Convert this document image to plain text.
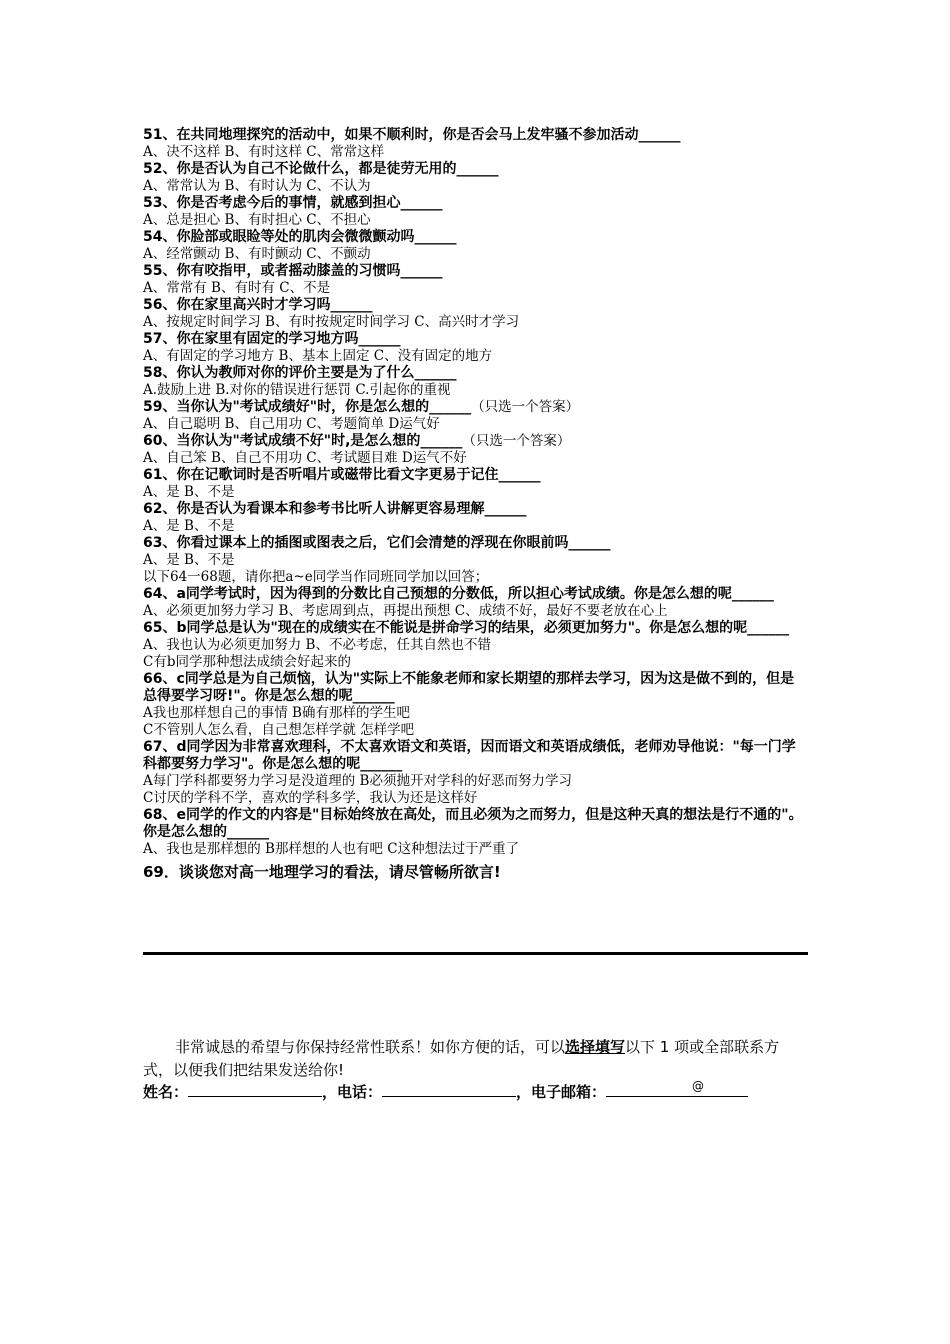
51、在共同地理探究的活动中，如果不顺利时，你是否会马上发牢骚不参加活动______

A、决不这样 B、有时这样 C、常常这样

52、你是否认为自己不论做什么，都是徒劳无用的______

A、常常认为 B、有时认为 C、不认为

53、你是否考虑今后的事情，就感到担心______

A、总是担心 B、有时担心 C、不担心

54、你脸部或眼睑等处的肌肉会微微颤动吗______

A、经常颤动 B、有时颤动 C、不颤动

55、你有咬指甲，或者摇动膝盖的习惯吗______

A、常常有 B、有时有 C、不是

56、你在家里高兴时才学习吗______

A、按规定时间学习 B、有时按规定时间学习 C、高兴时才学习

57、你在家里有固定的学习地方吗______

A、有固定的学习地方 B、基本上固定 C、没有固定的地方

58、你认为教师对你的评价主要是为了什么______

A.鼓励上进 B.对你的错误进行惩罚 C.引起你的重视

59、当你认为"考试成绩好"时，你是怎么想的______（只选一个答案）

A、自己聪明 B、自己用功 C、考题简单 D运气好

60、当你认为"考试成绩不好"时,是怎么想的______（只选一个答案）

A、自己笨 B、自己不用功 C、考试题目难 D运气不好

61、你在记歌词时是否听唱片或磁带比看文字更易于记住______

A、是 B、不是

62、你是否认为看课本和参考书比听人讲解更容易理解______

A、是 B、不是

63、你看过课本上的插图或图表之后，它们会清楚的浮现在你眼前吗______

A、是 B、不是

以下64一68题，请你把a~e同学当作同班同学加以回答；

64、a同学考试时，因为得到的分数比自己预想的分数低，所以担心考试成绩。你是怎么想的呢______

A、必须更加努力学习 B、考虑周到点，再提出预想 C、成绩不好，最好不要老放在心上

65、b同学总是认为"现在的成绩实在不能说是拼命学习的结果，必须更加努力"。你是怎么想的呢______

A、我也认为必须更加努力 B、不必考虑，任其自然也不错

C有b同学那种想法成绩会好起来的

66、c同学总是为自己烦恼，认为"实际上不能象老师和家长期望的那样去学习，因为这是做不到的，但是总得要学习呀!"。你是怎么想的呢______

A我也那样想自己的事情 B确有那样的学生吧

C不管别人怎么看，自己想怎样学就 怎样学吧

67、d同学因为非常喜欢理科，不太喜欢语文和英语，因而语文和英语成绩低，老师劝导他说："每一门学科都要努力学习"。你是怎么想的呢______

A每门学科都要努力学习是没道理的 B必须抛开对学科的好恶而努力学习

C讨厌的学科不学，喜欢的学科多学，我认为还是这样好

68、e同学的作文的内容是"目标始终放在高处，而且必须为之而努力，但是这种天真的想法是行不通的"。你是怎么想的______

A、我也是那样想的 B那样想的人也有吧 C这种想法过于严重了

69．谈谈您对高一地理学习的看法，请尽管畅所欲言!

非常诚恳的希望与你保持经常性联系！如你方便的话，可以选择填写以下 1 项或全部联系方式，以便我们把结果发送给你!
姓名：	，电话：	，电子邮箱：	@
